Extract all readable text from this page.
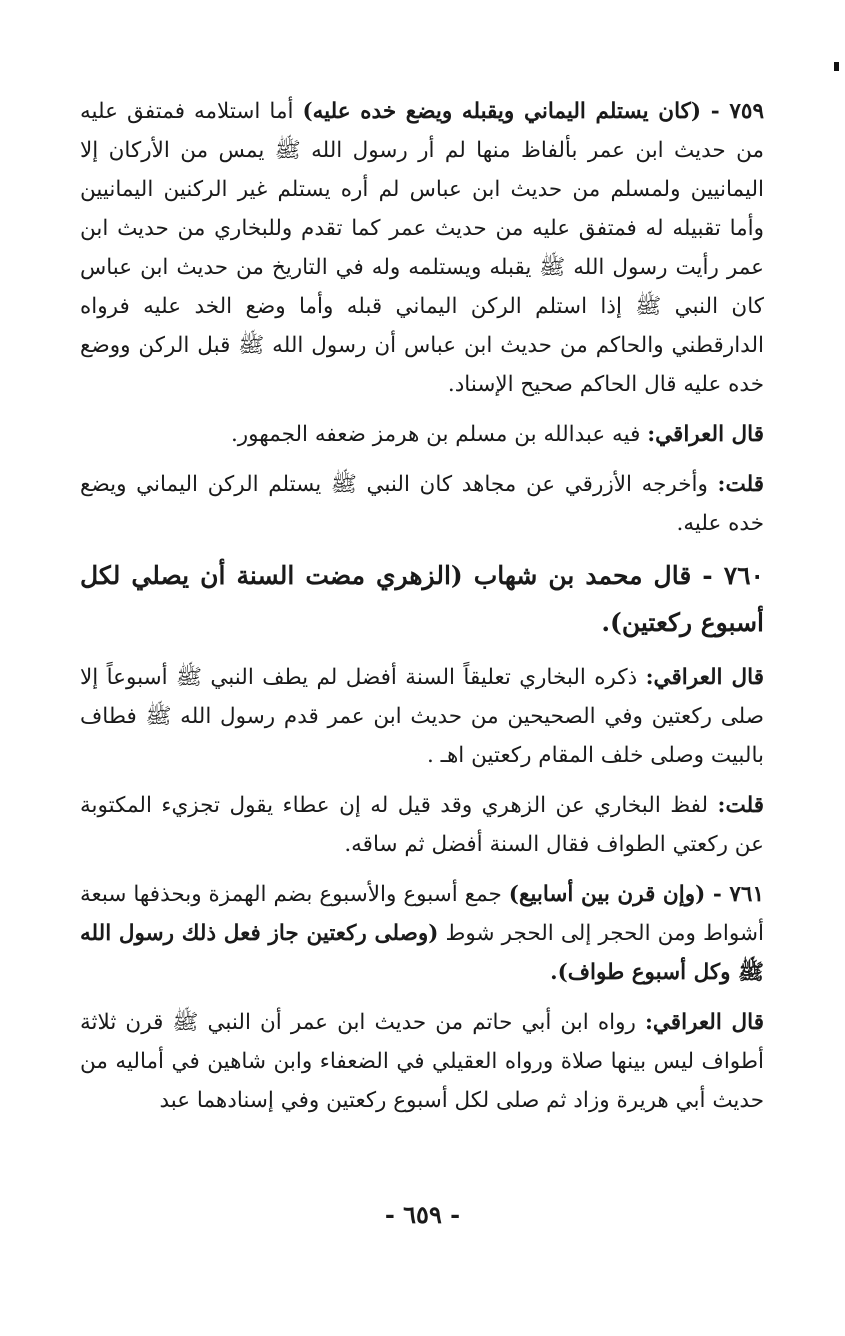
٧٥٩ - (كان يستلم اليماني ويقبله ويضع خده عليه) أما استلامه فمتفق عليه من حديث ابن عمر بألفاظ منها لم أر رسول الله ﷺ يمس من الأركان إلا اليمانيين ولمسلم من حديث ابن عباس لم أره يستلم غير الركنين اليمانيين وأما تقبيله له فمتفق عليه من حديث عمر كما تقدم وللبخاري من حديث ابن عمر رأيت رسول الله ﷺ يقبله ويستلمه وله في التاريخ من حديث ابن عباس كان النبي ﷺ إذا استلم الركن اليماني قبله وأما وضع الخد عليه فرواه الدارقطني والحاكم من حديث ابن عباس أن رسول الله ﷺ قبل الركن ووضع خده عليه قال الحاكم صحيح الإسناد.

قال العراقي: فيه عبدالله بن مسلم بن هرمز ضعفه الجمهور.

قلت: وأخرجه الأزرقي عن مجاهد كان النبي ﷺ يستلم الركن اليماني ويضع خده عليه.

٧٦٠ - قال محمد بن شهاب (الزهري مضت السنة أن يصلي لكل أسبوع ركعتين).

قال العراقي: ذكره البخاري تعليقاً السنة أفضل لم يطف النبي ﷺ أسبوعاً إلا صلى ركعتين وفي الصحيحين من حديث ابن عمر قدم رسول الله ﷺ فطاف بالبيت وصلى خلف المقام ركعتين اهـ .

قلت: لفظ البخاري عن الزهري وقد قيل له إن عطاء يقول تجزيء المكتوبة عن ركعتي الطواف فقال السنة أفضل ثم ساقه.

٧٦١ - (وإن قرن بين أسابيع) جمع أسبوع والأسبوع بضم الهمزة وبحذفها سبعة أشواط ومن الحجر إلى الحجر شوط (وصلى ركعتين جاز فعل ذلك رسول الله ﷺ وكل أسبوع طواف).

قال العراقي: رواه ابن أبي حاتم من حديث ابن عمر أن النبي ﷺ قرن ثلاثة أطواف ليس بينها صلاة ورواه العقيلي في الضعفاء وابن شاهين في أماليه من حديث أبي هريرة وزاد ثم صلى لكل أسبوع ركعتين وفي إسنادهما عبد

- ٦٥٩ -
